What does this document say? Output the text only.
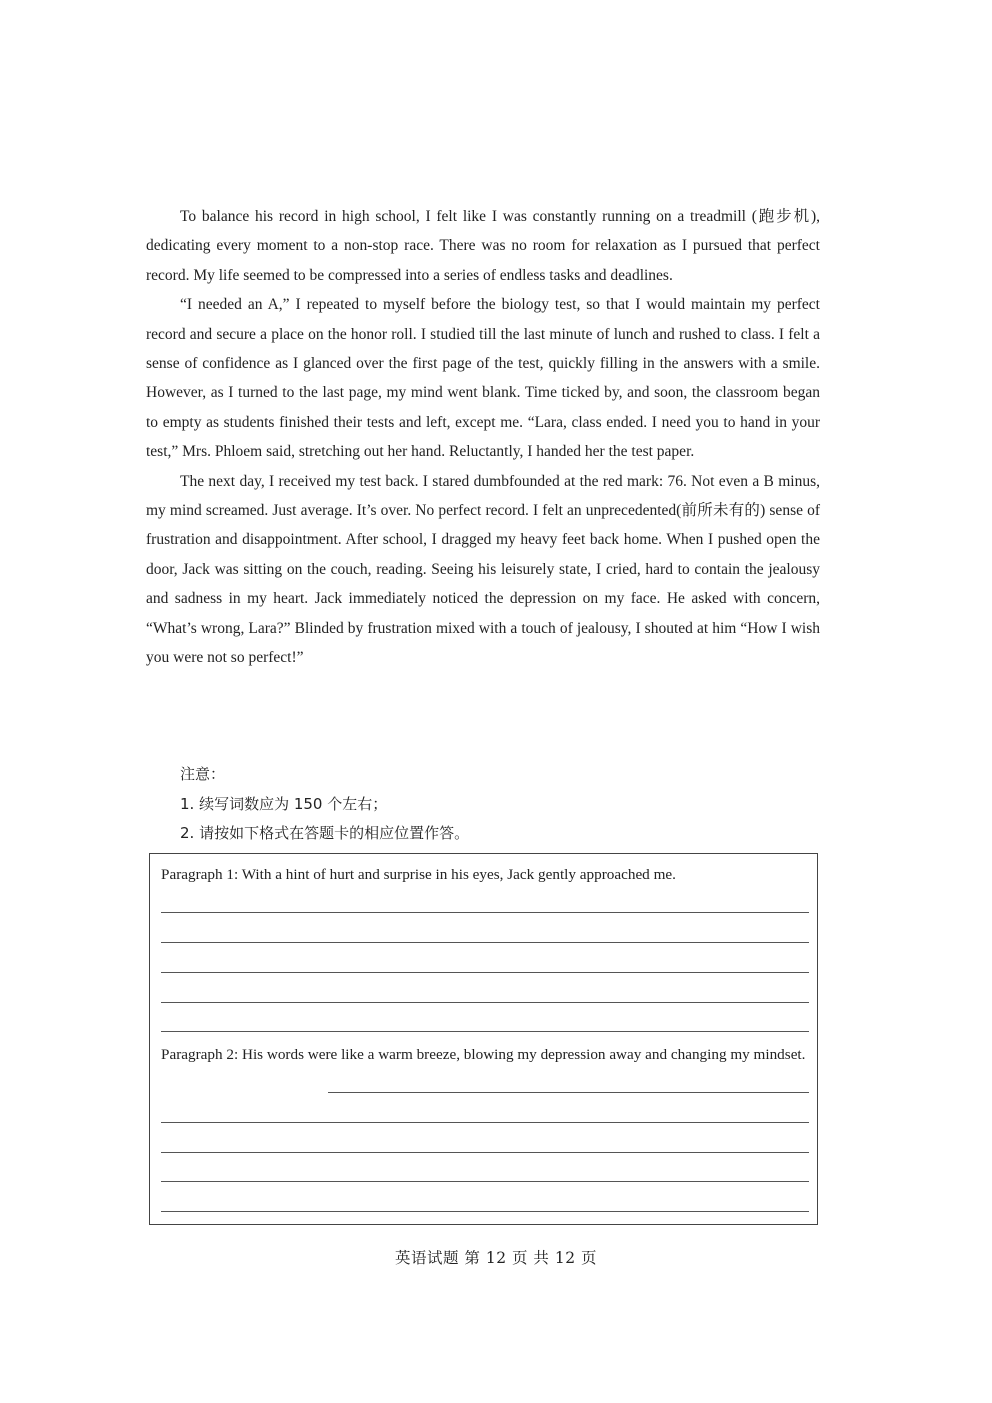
To balance his record in high school, I felt like I was constantly running on a treadmill (跑步机), dedicating every moment to a non-stop race. There was no room for relaxation as I pursued that perfect record. My life seemed to be compressed into a series of endless tasks and deadlines.

“I needed an A,” I repeated to myself before the biology test, so that I would maintain my perfect record and secure a place on the honor roll. I studied till the last minute of lunch and rushed to class. I felt a sense of confidence as I glanced over the first page of the test, quickly filling in the answers with a smile. However, as I turned to the last page, my mind went blank. Time ticked by, and soon, the classroom began to empty as students finished their tests and left, except me. “Lara, class ended. I need you to hand in your test,” Mrs. Phloem said, stretching out her hand. Reluctantly, I handed her the test paper.

The next day, I received my test back. I stared dumbfounded at the red mark: 76. Not even a B minus, my mind screamed. Just average. It’s over. No perfect record. I felt an unprecedented(前所未有的) sense of frustration and disappointment. After school, I dragged my heavy feet back home. When I pushed open the door, Jack was sitting on the couch, reading. Seeing his leisurely state, I cried, hard to contain the jealousy and sadness in my heart. Jack immediately noticed the depression on my face. He asked with concern, “What’s wrong, Lara?” Blinded by frustration mixed with a touch of jealousy, I shouted at him “How I wish you were not so perfect!”

注意：
1. 续写词数应为 150 个左右；
2. 请按如下格式在答题卡的相应位置作答。
Paragraph 1: With a hint of hurt and surprise in his eyes, Jack gently approached me.
Paragraph 2: His words were like a warm breeze, blowing my depression away and changing my mindset.
英语试题 第 12 页 共 12 页
